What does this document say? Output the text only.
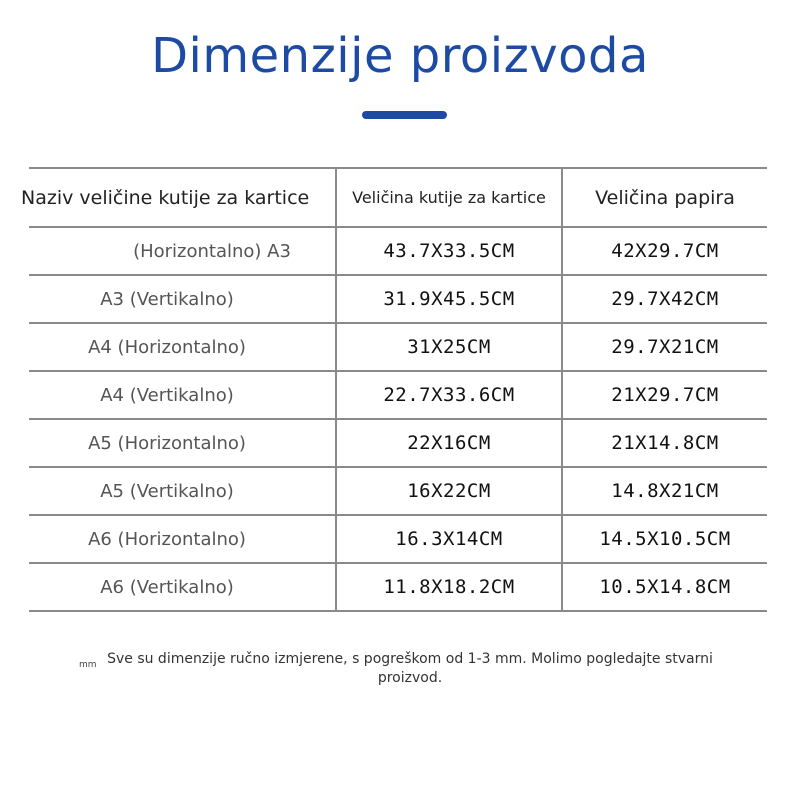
Dimenzije proizvoda
Naziv veličine kutije za kartice	Veličina kutije za kartice	Veličina papira
(Horizontalno) A3	43.7X33.5CM	42X29.7CM
A3 (Vertikalno)	31.9X45.5CM	29.7X42CM
A4 (Horizontalno)	31X25CM	29.7X21CM
A4 (Vertikalno)	22.7X33.6CM	21X29.7CM
A5 (Horizontalno)	22X16CM	21X14.8CM
A5 (Vertikalno)	16X22CM	14.8X21CM
A6 (Horizontalno)	16.3X14CM	14.5X10.5CM
A6 (Vertikalno)	11.8X18.2CM	10.5X14.8CM
mm Sve su dimenzije ručno izmjerene, s pogreškom od 1-3 mm. Molimo pogledajte stvarni proizvod.
